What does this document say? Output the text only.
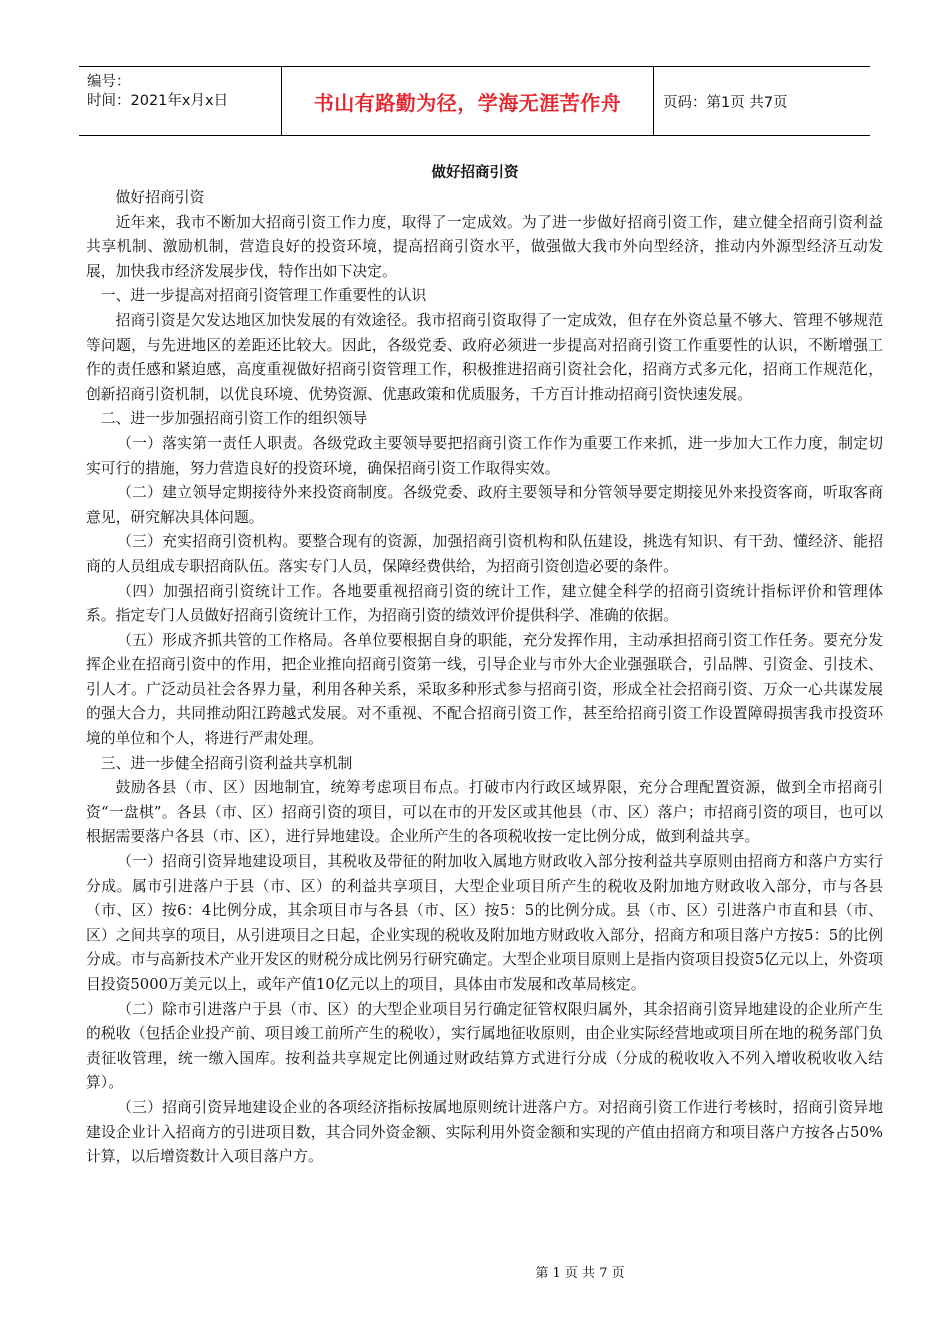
编号：
时间：2021年x月x日	书山有路勤为径，学海无涯苦作舟	页码：第1页 共7页
做好招商引资

做好招商引资

近年来，我市不断加大招商引资工作力度，取得了一定成效。为了进一步做好招商引资工作，建立健全招商引资利益共享机制、激励机制，营造良好的投资环境，提高招商引资水平，做强做大我市外向型经济，推动内外源型经济互动发展，加快我市经济发展步伐，特作出如下决定。

一、进一步提高对招商引资管理工作重要性的认识

招商引资是欠发达地区加快发展的有效途径。我市招商引资取得了一定成效，但存在外资总量不够大、管理不够规范等问题，与先进地区的差距还比较大。因此，各级党委、政府必须进一步提高对招商引资工作重要性的认识，不断增强工作的责任感和紧迫感，高度重视做好招商引资管理工作，积极推进招商引资社会化，招商方式多元化，招商工作规范化，创新招商引资机制，以优良环境、优势资源、优惠政策和优质服务，千方百计推动招商引资快速发展。

二、进一步加强招商引资工作的组织领导

（一）落实第一责任人职责。各级党政主要领导要把招商引资工作作为重要工作来抓，进一步加大工作力度，制定切实可行的措施，努力营造良好的投资环境，确保招商引资工作取得实效。

（二）建立领导定期接待外来投资商制度。各级党委、政府主要领导和分管领导要定期接见外来投资客商，听取客商意见，研究解决具体问题。

（三）充实招商引资机构。要整合现有的资源，加强招商引资机构和队伍建设，挑选有知识、有干劲、懂经济、能招商的人员组成专职招商队伍。落实专门人员，保障经费供给，为招商引资创造必要的条件。

（四）加强招商引资统计工作。各地要重视招商引资的统计工作，建立健全科学的招商引资统计指标评价和管理体系。指定专门人员做好招商引资统计工作，为招商引资的绩效评价提供科学、准确的依据。

（五）形成齐抓共管的工作格局。各单位要根据自身的职能，充分发挥作用，主动承担招商引资工作任务。要充分发挥企业在招商引资中的作用，把企业推向招商引资第一线，引导企业与市外大企业强强联合，引品牌、引资金、引技术、引人才。广泛动员社会各界力量，利用各种关系，采取多种形式参与招商引资，形成全社会招商引资、万众一心共谋发展的强大合力，共同推动阳江跨越式发展。对不重视、不配合招商引资工作，甚至给招商引资工作设置障碍损害我市投资环境的单位和个人，将进行严肃处理。

三、进一步健全招商引资利益共享机制

鼓励各县（市、区）因地制宜，统筹考虑项目布点。打破市内行政区域界限，充分合理配置资源，做到全市招商引资“一盘棋”。各县（市、区）招商引资的项目，可以在市的开发区或其他县（市、区）落户；市招商引资的项目，也可以根据需要落户各县（市、区），进行异地建设。企业所产生的各项税收按一定比例分成，做到利益共享。

（一）招商引资异地建设项目，其税收及带征的附加收入属地方财政收入部分按利益共享原则由招商方和落户方实行分成。属市引进落户于县（市、区）的利益共享项目，大型企业项目所产生的税收及附加地方财政收入部分，市与各县（市、区）按6：4比例分成，其余项目市与各县（市、区）按5：5的比例分成。县（市、区）引进落户市直和县（市、区）之间共享的项目，从引进项目之日起，企业实现的税收及附加地方财政收入部分，招商方和项目落户方按5：5的比例分成。市与高新技术产业开发区的财税分成比例另行研究确定。大型企业项目原则上是指内资项目投资5亿元以上，外资项目投资5000万美元以上，或年产值10亿元以上的项目，具体由市发展和改革局核定。

（二）除市引进落户于县（市、区）的大型企业项目另行确定征管权限归属外，其余招商引资异地建设的企业所产生的税收（包括企业投产前、项目竣工前所产生的税收），实行属地征收原则，由企业实际经营地或项目所在地的税务部门负责征收管理，统一缴入国库。按利益共享规定比例通过财政结算方式进行分成（分成的税收收入不列入增收税收收入结算）。

（三）招商引资异地建设企业的各项经济指标按属地原则统计进落户方。对招商引资工作进行考核时，招商引资异地建设企业计入招商方的引进项目数，其合同外资金额、实际利用外资金额和实现的产值由招商方和项目落户方按各占50%计算，以后增资数计入项目落户方。

第 1 页 共 7 页
